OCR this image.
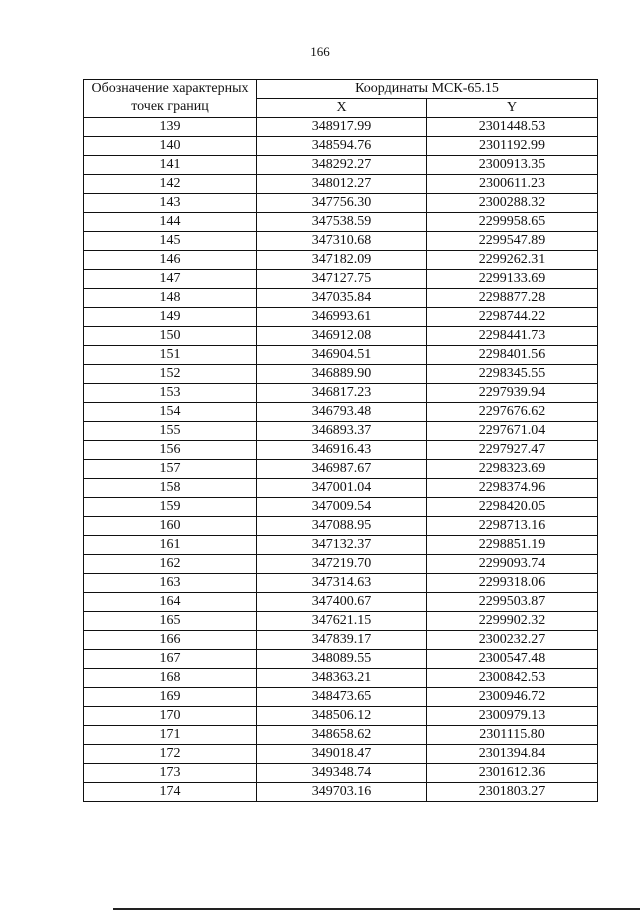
166
Обозначение характерных точек границ	Координаты МСК-65.15	
	X	Y
139	348917.99	2301448.53
140	348594.76	2301192.99
141	348292.27	2300913.35
142	348012.27	2300611.23
143	347756.30	2300288.32
144	347538.59	2299958.65
145	347310.68	2299547.89
146	347182.09	2299262.31
147	347127.75	2299133.69
148	347035.84	2298877.28
149	346993.61	2298744.22
150	346912.08	2298441.73
151	346904.51	2298401.56
152	346889.90	2298345.55
153	346817.23	2297939.94
154	346793.48	2297676.62
155	346893.37	2297671.04
156	346916.43	2297927.47
157	346987.67	2298323.69
158	347001.04	2298374.96
159	347009.54	2298420.05
160	347088.95	2298713.16
161	347132.37	2298851.19
162	347219.70	2299093.74
163	347314.63	2299318.06
164	347400.67	2299503.87
165	347621.15	2299902.32
166	347839.17	2300232.27
167	348089.55	2300547.48
168	348363.21	2300842.53
169	348473.65	2300946.72
170	348506.12	2300979.13
171	348658.62	2301115.80
172	349018.47	2301394.84
173	349348.74	2301612.36
174	349703.16	2301803.27
